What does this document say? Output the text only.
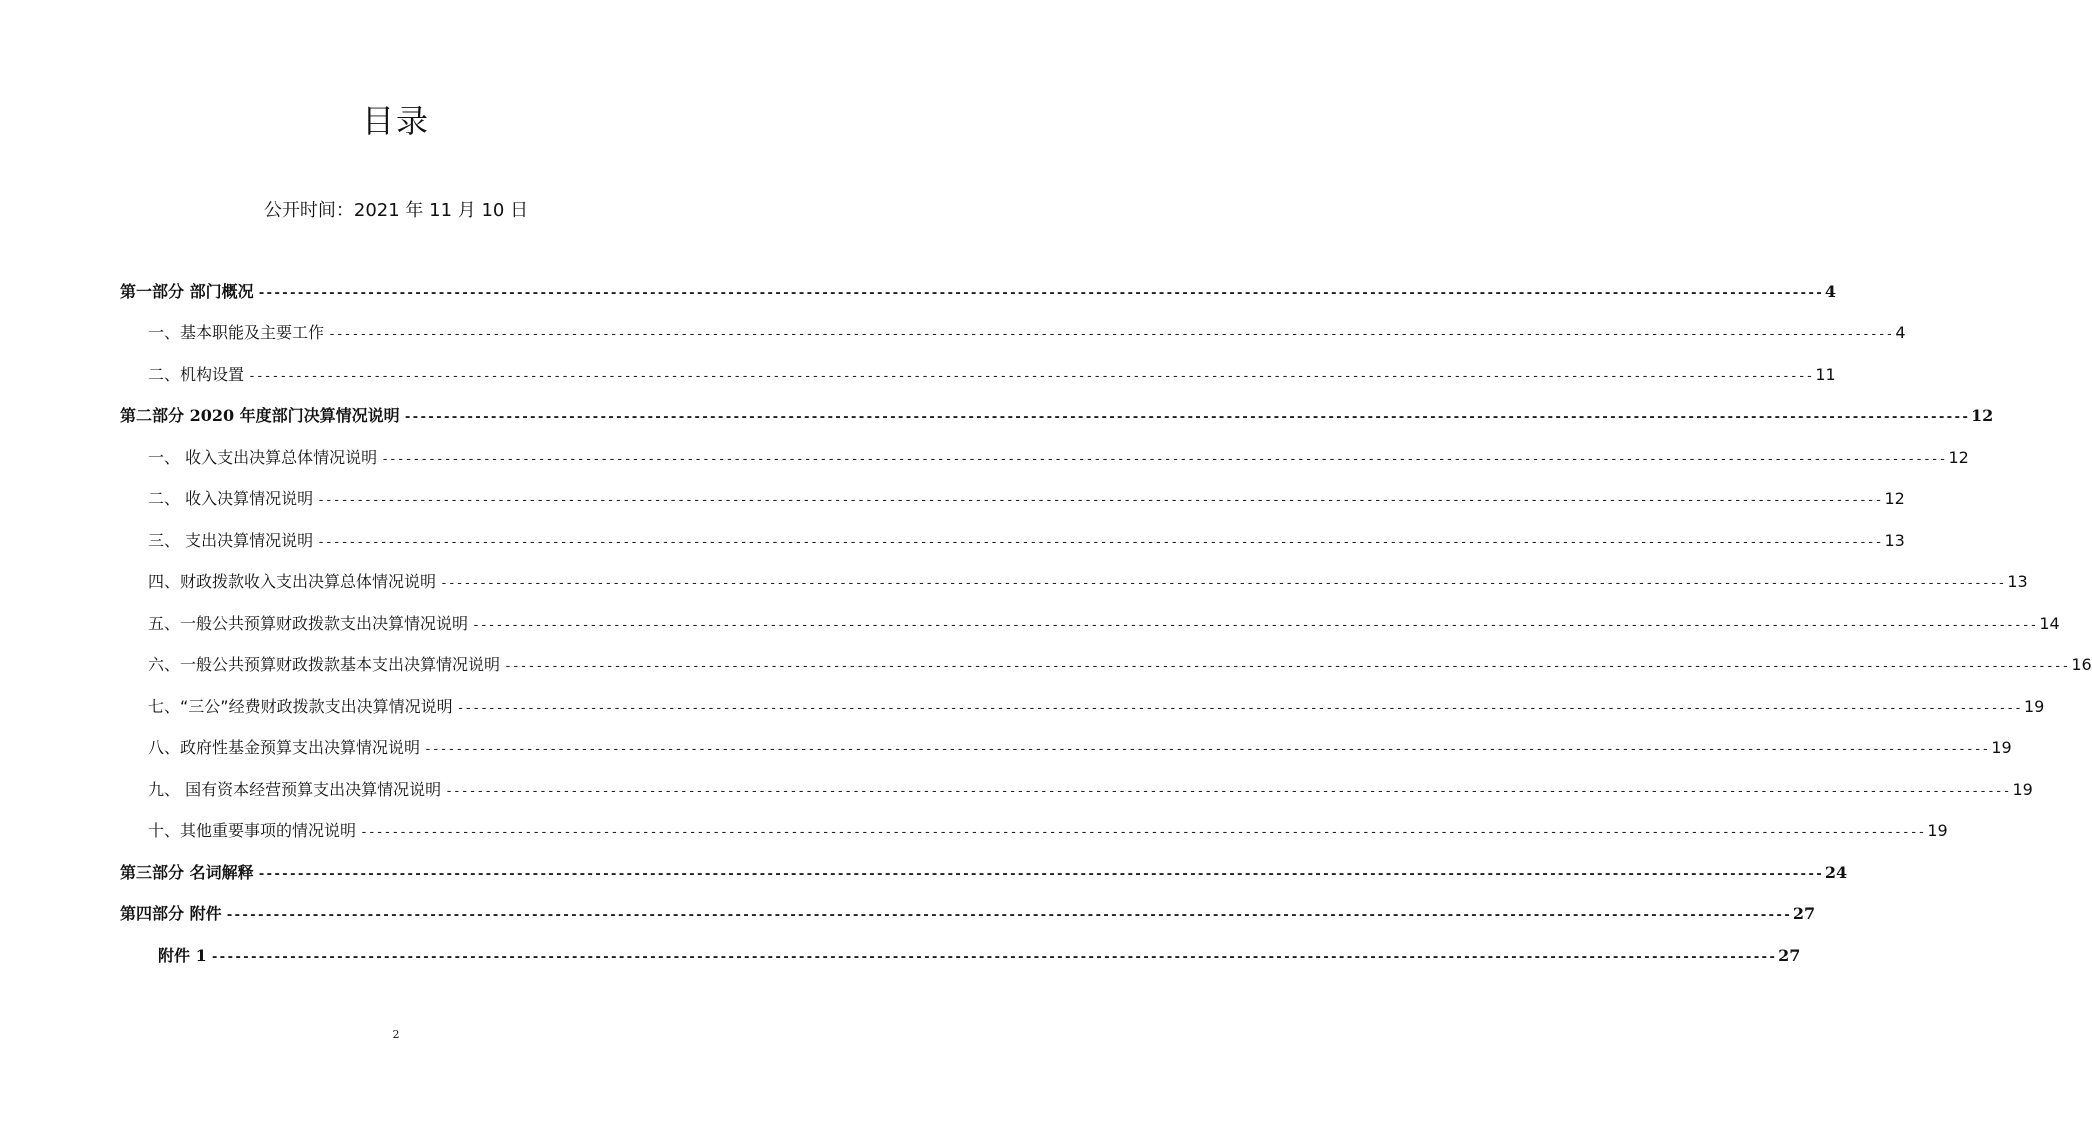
目录
公开时间：2021 年 11 月 10 日
第一部分 部门概况 -------------------------------------------------------------------------------------------------------------------------------------------------------------------------------------------------------- 4
一、基本职能及主要工作 -------------------------------------------------------------------------------------------------------------------------------------------------------------------------------------------------------- 4
二、机构设置 -------------------------------------------------------------------------------------------------------------------------------------------------------------------------------------------------------- 11
第二部分 2020 年度部门决算情况说明 -------------------------------------------------------------------------------------------------------------------------------------------------------------------------------------------------------- 12
一、 收入支出决算总体情况说明 -------------------------------------------------------------------------------------------------------------------------------------------------------------------------------------------------------- 12
二、 收入决算情况说明 -------------------------------------------------------------------------------------------------------------------------------------------------------------------------------------------------------- 12
三、 支出决算情况说明 -------------------------------------------------------------------------------------------------------------------------------------------------------------------------------------------------------- 13
四、财政拨款收入支出决算总体情况说明 -------------------------------------------------------------------------------------------------------------------------------------------------------------------------------------------------------- 13
五、一般公共预算财政拨款支出决算情况说明 -------------------------------------------------------------------------------------------------------------------------------------------------------------------------------------------------------- 14
六、一般公共预算财政拨款基本支出决算情况说明 -------------------------------------------------------------------------------------------------------------------------------------------------------------------------------------------------------- 16
七、“三公”经费财政拨款支出决算情况说明 -------------------------------------------------------------------------------------------------------------------------------------------------------------------------------------------------------- 19
八、政府性基金预算支出决算情况说明 -------------------------------------------------------------------------------------------------------------------------------------------------------------------------------------------------------- 19
九、 国有资本经营预算支出决算情况说明 -------------------------------------------------------------------------------------------------------------------------------------------------------------------------------------------------------- 19
十、其他重要事项的情况说明 -------------------------------------------------------------------------------------------------------------------------------------------------------------------------------------------------------- 19
第三部分 名词解释 -------------------------------------------------------------------------------------------------------------------------------------------------------------------------------------------------------- 24
第四部分 附件 -------------------------------------------------------------------------------------------------------------------------------------------------------------------------------------------------------- 27
附件 1 -------------------------------------------------------------------------------------------------------------------------------------------------------------------------------------------------------- 27
2
